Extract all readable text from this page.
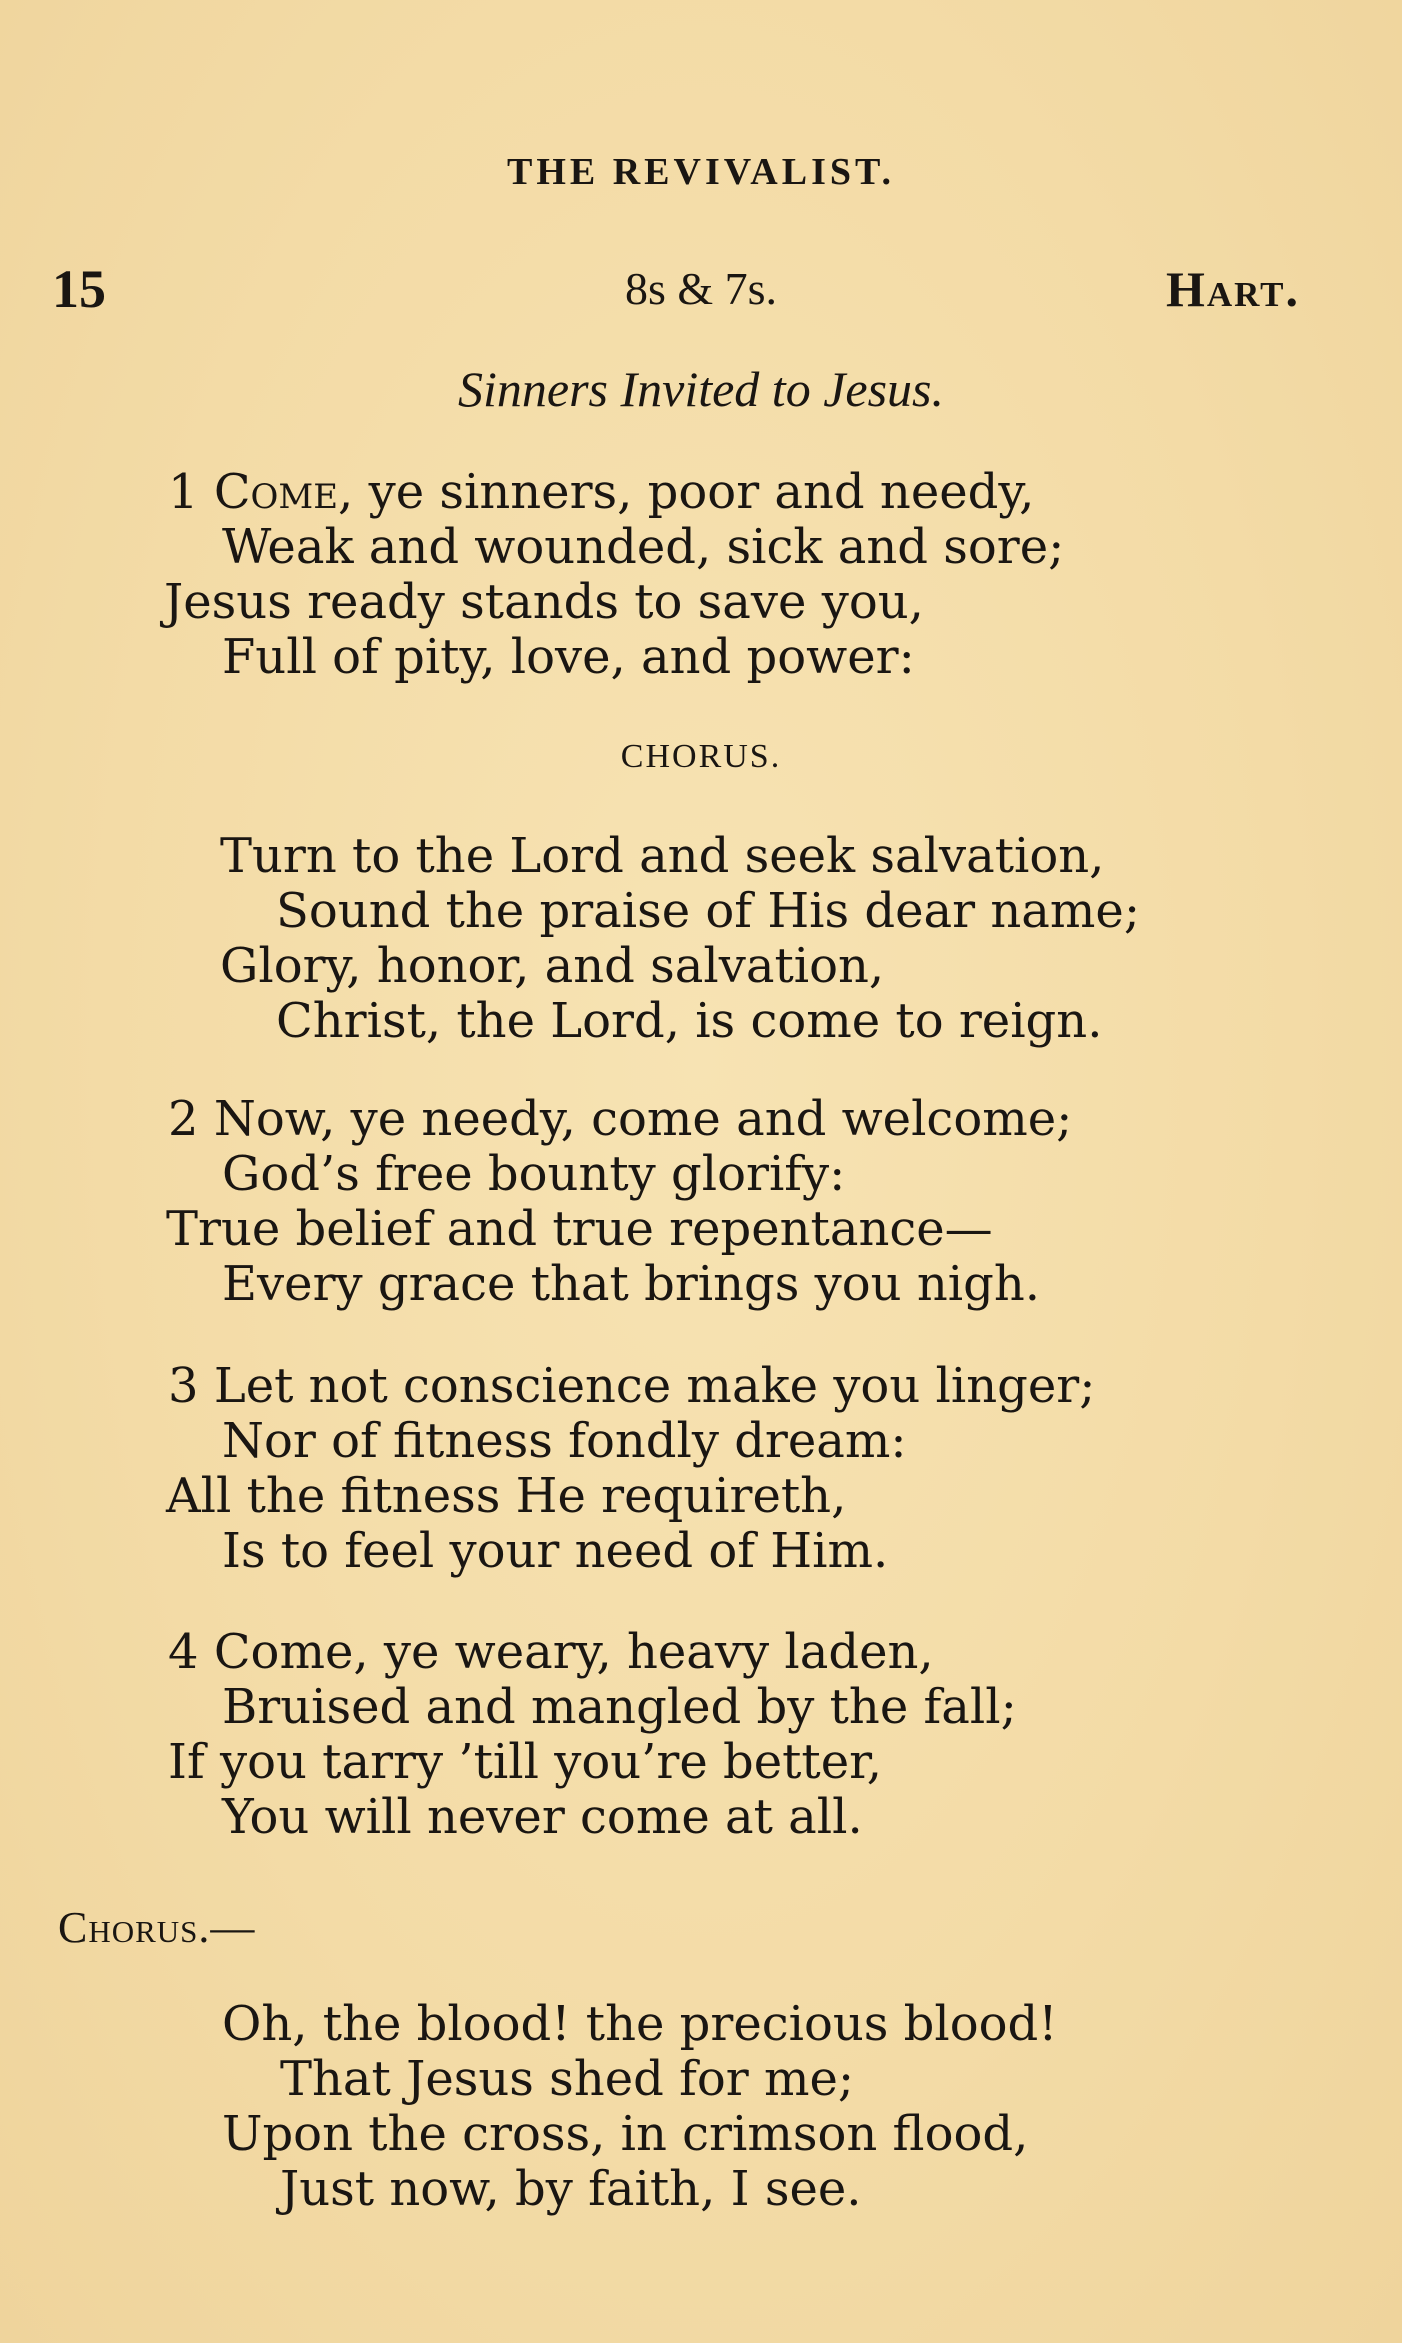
THE REVIVALIST.
15	8s & 7s.	Hart.
Sinners Invited to Jesus.
1 Come, ye sinners, poor and needy,
Weak and wounded, sick and sore;
Jesus ready stands to save you,
Full of pity, love, and power:
CHORUS.
Turn to the Lord and seek salvation,
Sound the praise of His dear name;
Glory, honor, and salvation,
Christ, the Lord, is come to reign.
2 Now, ye needy, come and welcome;
God’s free bounty glorify:
True belief and true repentance—
Every grace that brings you nigh.
3 Let not conscience make you linger;
Nor of fitness fondly dream:
All the fitness He requireth,
Is to feel your need of Him.
4 Come, ye weary, heavy laden,
Bruised and mangled by the fall;
If you tarry ’till you’re better,
You will never come at all.
Chorus.—
Oh, the blood! the precious blood!
That Jesus shed for me;
Upon the cross, in crimson flood,
Just now, by faith, I see.
